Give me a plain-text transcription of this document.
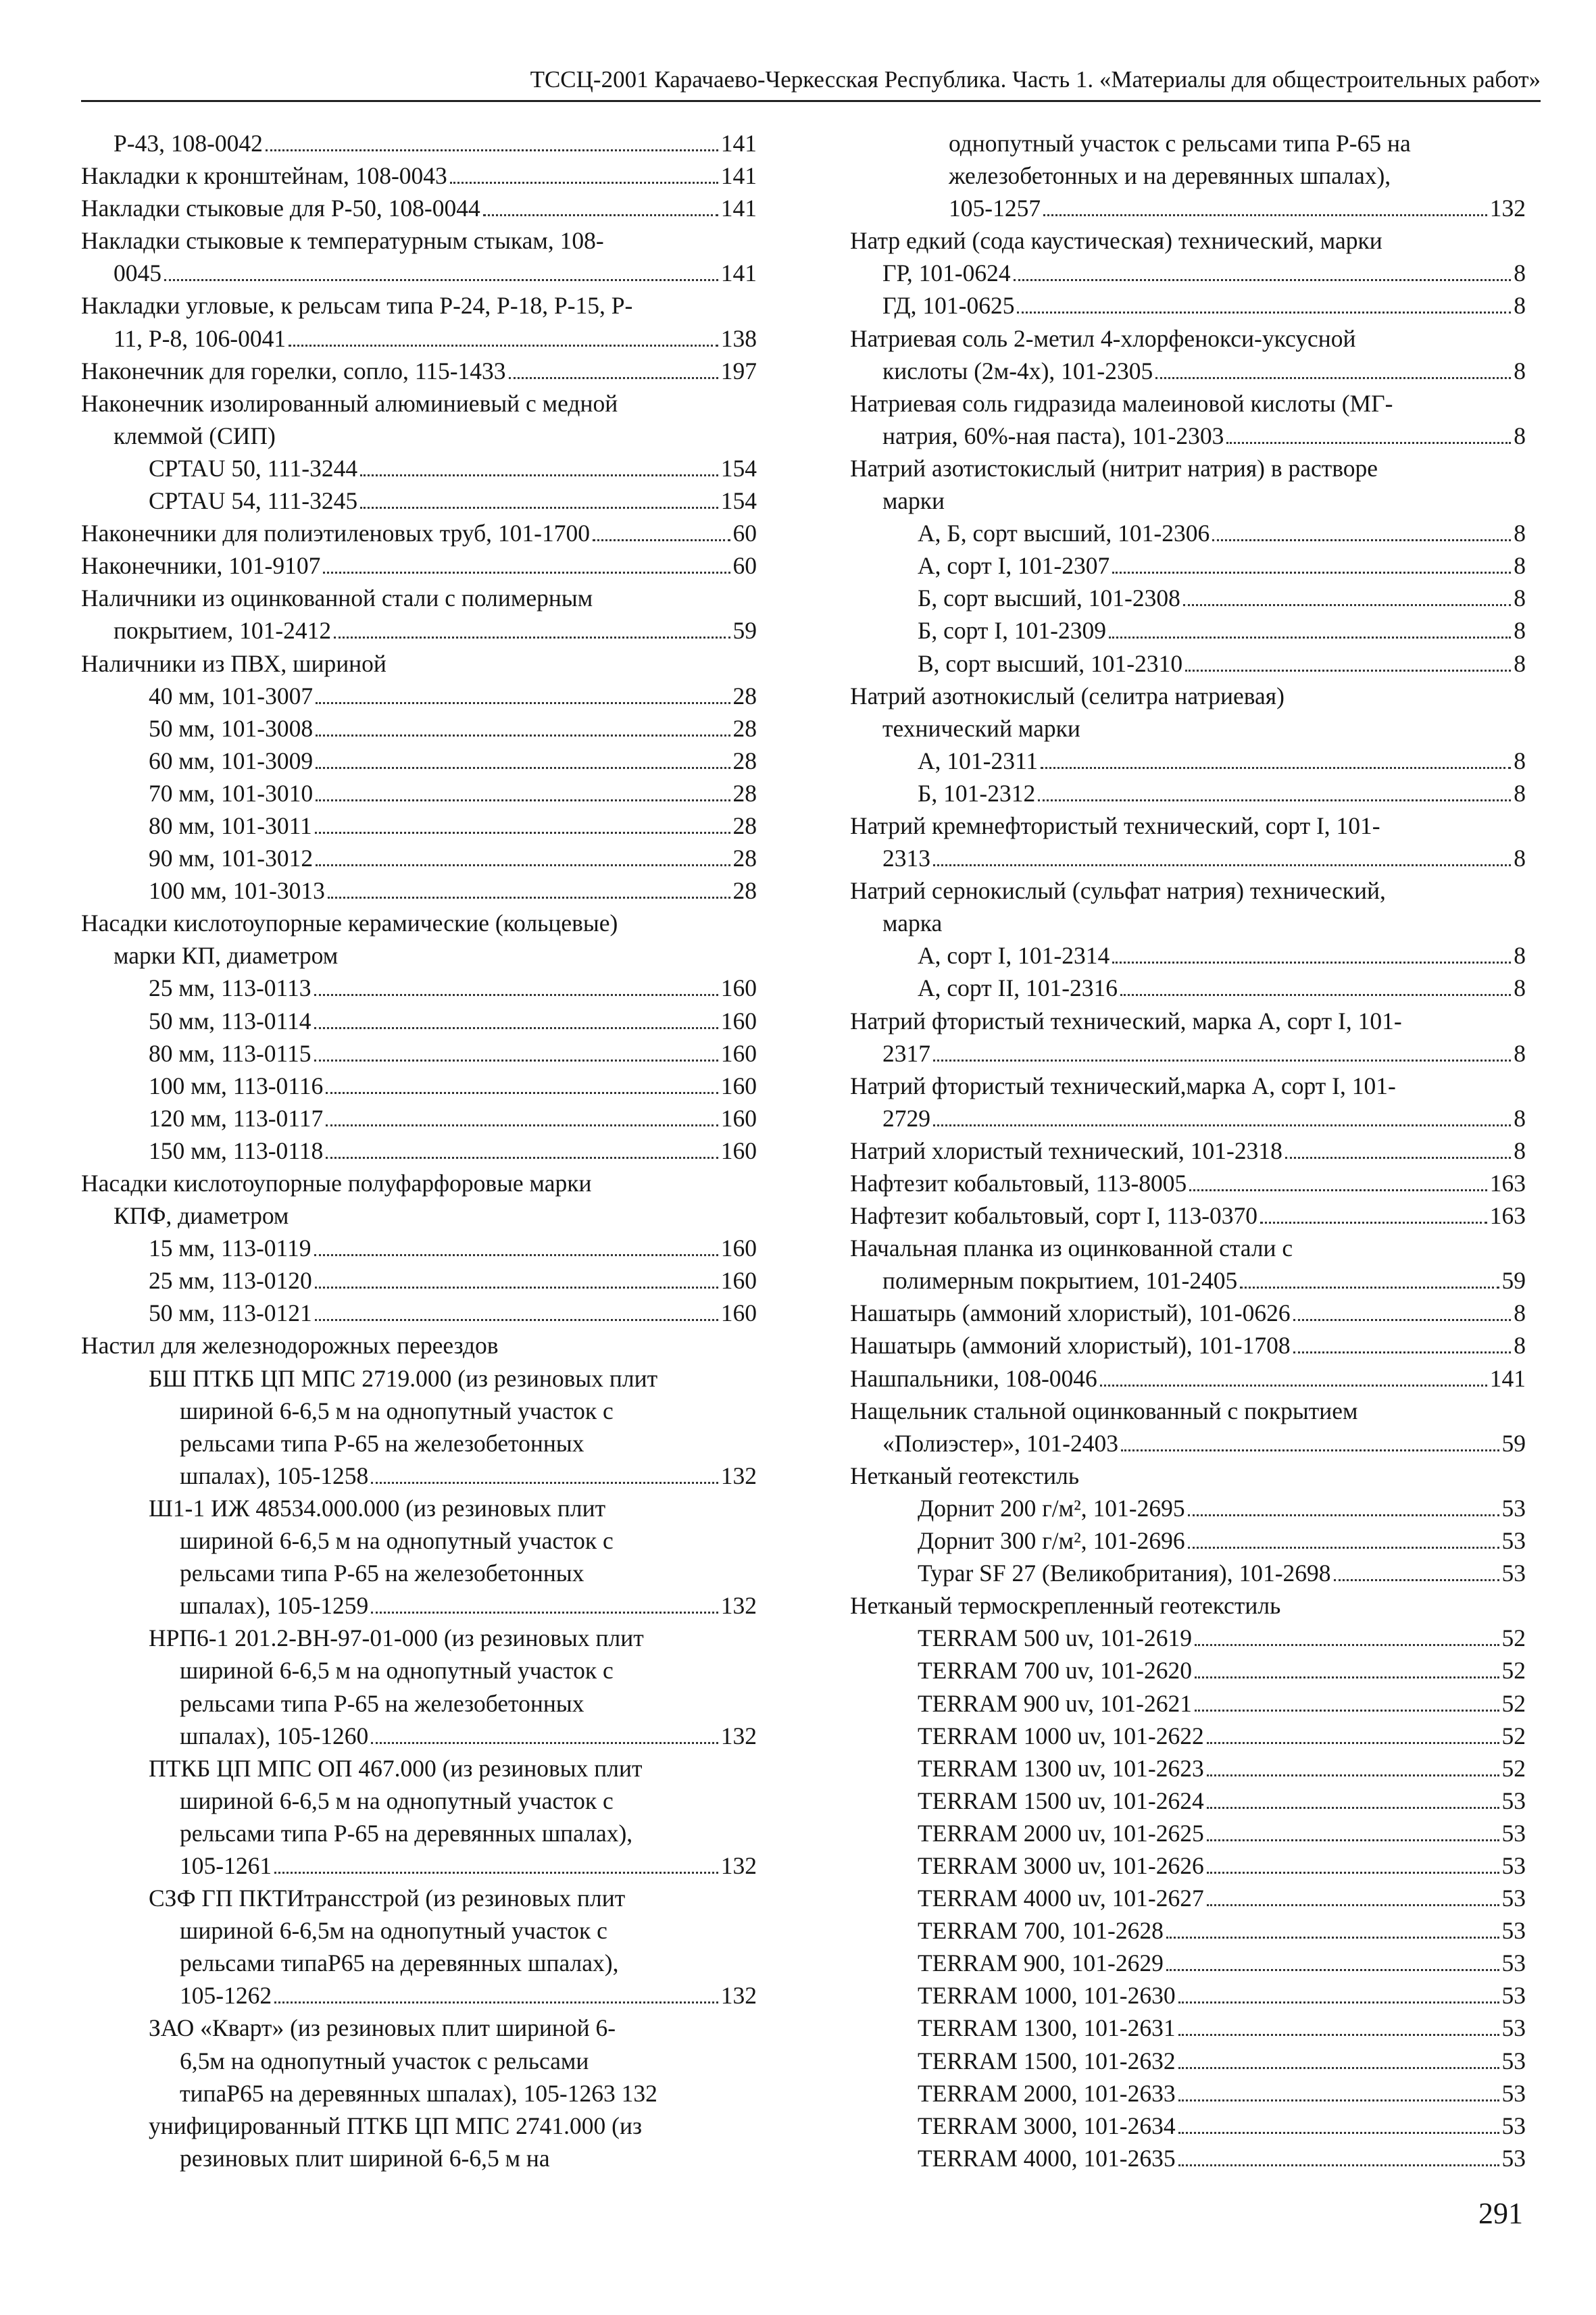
ТССЦ-2001 Карачаево-Черкесская Республика. Часть 1. «Материалы для общестроительных работ»
Р-43, 108-0042	141
Накладки к кронштейнам, 108-0043	141
Накладки стыковые для Р-50, 108-0044	141
Накладки стыковые к температурным стыкам, 108-
0045	141
Накладки угловые, к рельсам типа Р-24, Р-18, Р-15, Р-
11, Р-8, 106-0041	138
Наконечник для горелки, сопло, 115-1433	197
Наконечник изолированный алюминиевый с медной
клеммой (СИП)
CPTAU 50, 111-3244	154
CPTAU 54, 111-3245	154
Наконечники для полиэтиленовых труб, 101-1700	60
Наконечники, 101-9107	60
Наличники из оцинкованной стали с полимерным
покрытием, 101-2412	59
Наличники из ПВХ, шириной
40 мм, 101-3007	28
50 мм, 101-3008	28
60 мм, 101-3009	28
70 мм, 101-3010	28
80 мм, 101-3011	28
90 мм, 101-3012	28
100 мм, 101-3013	28
Насадки кислотоупорные керамические (кольцевые)
марки КП, диаметром
25 мм, 113-0113	160
50 мм, 113-0114	160
80 мм, 113-0115	160
100 мм, 113-0116	160
120 мм, 113-0117	160
150 мм, 113-0118	160
Насадки кислотоупорные полуфарфоровые марки
КПФ, диаметром
15 мм, 113-0119	160
25 мм, 113-0120	160
50 мм, 113-0121	160
Настил для железнодорожных переездов
БШ ПТКБ ЦП МПС 2719.000 (из резиновых плит
шириной 6-6,5 м на однопутный участок с
рельсами типа Р-65 на железобетонных
шпалах), 105-1258	132
Ш1-1 ИЖ 48534.000.000 (из резиновых плит
шириной 6-6,5 м на однопутный участок с
рельсами типа Р-65 на железобетонных
шпалах), 105-1259	132
НРП6-1 201.2-ВН-97-01-000 (из резиновых плит
шириной 6-6,5 м на однопутный участок с
рельсами типа Р-65 на железобетонных
шпалах), 105-1260	132
ПТКБ ЦП МПС ОП 467.000 (из резиновых плит
шириной 6-6,5 м на однопутный участок с
рельсами типа Р-65 на деревянных шпалах),
105-1261	132
СЗФ ГП ПКТИтрансстрой (из резиновых плит
шириной 6-6,5м на однопутный участок с
рельсами типаР65 на деревянных шпалах),
105-1262	132
ЗАО «Кварт» (из резиновых плит шириной 6-
6,5м на однопутный участок с рельсами
типаР65 на деревянных шпалах), 105-1263 132
унифицированный ПТКБ ЦП МПС 2741.000 (из
резиновых плит шириной 6-6,5 м на
однопутный участок с рельсами типа Р-65 на
железобетонных и на деревянных шпалах),
105-1257	132
Натр едкий (сода каустическая) технический, марки
ГР, 101-0624	8
ГД, 101-0625	8
Натриевая соль 2-метил 4-хлорфенокси-уксусной
кислоты (2м-4х), 101-2305	8
Натриевая соль гидразида малеиновой кислоты (МГ-
натрия, 60%-ная паста), 101-2303	8
Натрий азотистокислый (нитрит натрия) в растворе
марки
А, Б, сорт высший, 101-2306	8
А, сорт I, 101-2307	8
Б, сорт высший, 101-2308	8
Б, сорт I, 101-2309	8
В, сорт высший, 101-2310	8
Натрий азотнокислый (селитра натриевая)
технический марки
А, 101-2311	8
Б, 101-2312	8
Натрий кремнефтористый технический, сорт I, 101-
2313	8
Натрий сернокислый (сульфат натрия) технический,
марка
А, сорт I, 101-2314	8
А, сорт II, 101-2316	8
Натрий фтористый технический, марка А, сорт I, 101-
2317	8
Натрий фтористый технический,марка А, сорт I, 101-
2729	8
Натрий хлористый технический, 101-2318	8
Нафтезит кобальтовый, 113-8005	163
Нафтезит кобальтовый, сорт I, 113-0370	163
Начальная планка из оцинкованной стали с
полимерным покрытием, 101-2405	59
Нашатырь (аммоний хлористый), 101-0626	8
Нашатырь (аммоний хлористый), 101-1708	8
Нашпальники, 108-0046	141
Нащельник стальной оцинкованный с покрытием
«Полиэстер», 101-2403	59
Нетканый геотекстиль
Дорнит 200 г/м², 101-2695	53
Дорнит 300 г/м², 101-2696	53
Typar SF 27 (Великобритания), 101-2698	53
Нетканый термоскрепленный геотекстиль
TERRAM 500 uv, 101-2619	52
TERRAM 700 uv, 101-2620	52
TERRAM 900 uv, 101-2621	52
TERRAM 1000 uv, 101-2622	52
TERRAM 1300 uv, 101-2623	52
TERRAM 1500 uv, 101-2624	53
TERRAM 2000 uv, 101-2625	53
TERRAM 3000 uv, 101-2626	53
TERRAM 4000 uv, 101-2627	53
TERRAM 700, 101-2628	53
TERRAM 900, 101-2629	53
TERRAM 1000, 101-2630	53
TERRAM 1300, 101-2631	53
TERRAM 1500, 101-2632	53
TERRAM 2000, 101-2633	53
TERRAM 3000, 101-2634	53
TERRAM 4000, 101-2635	53
291
